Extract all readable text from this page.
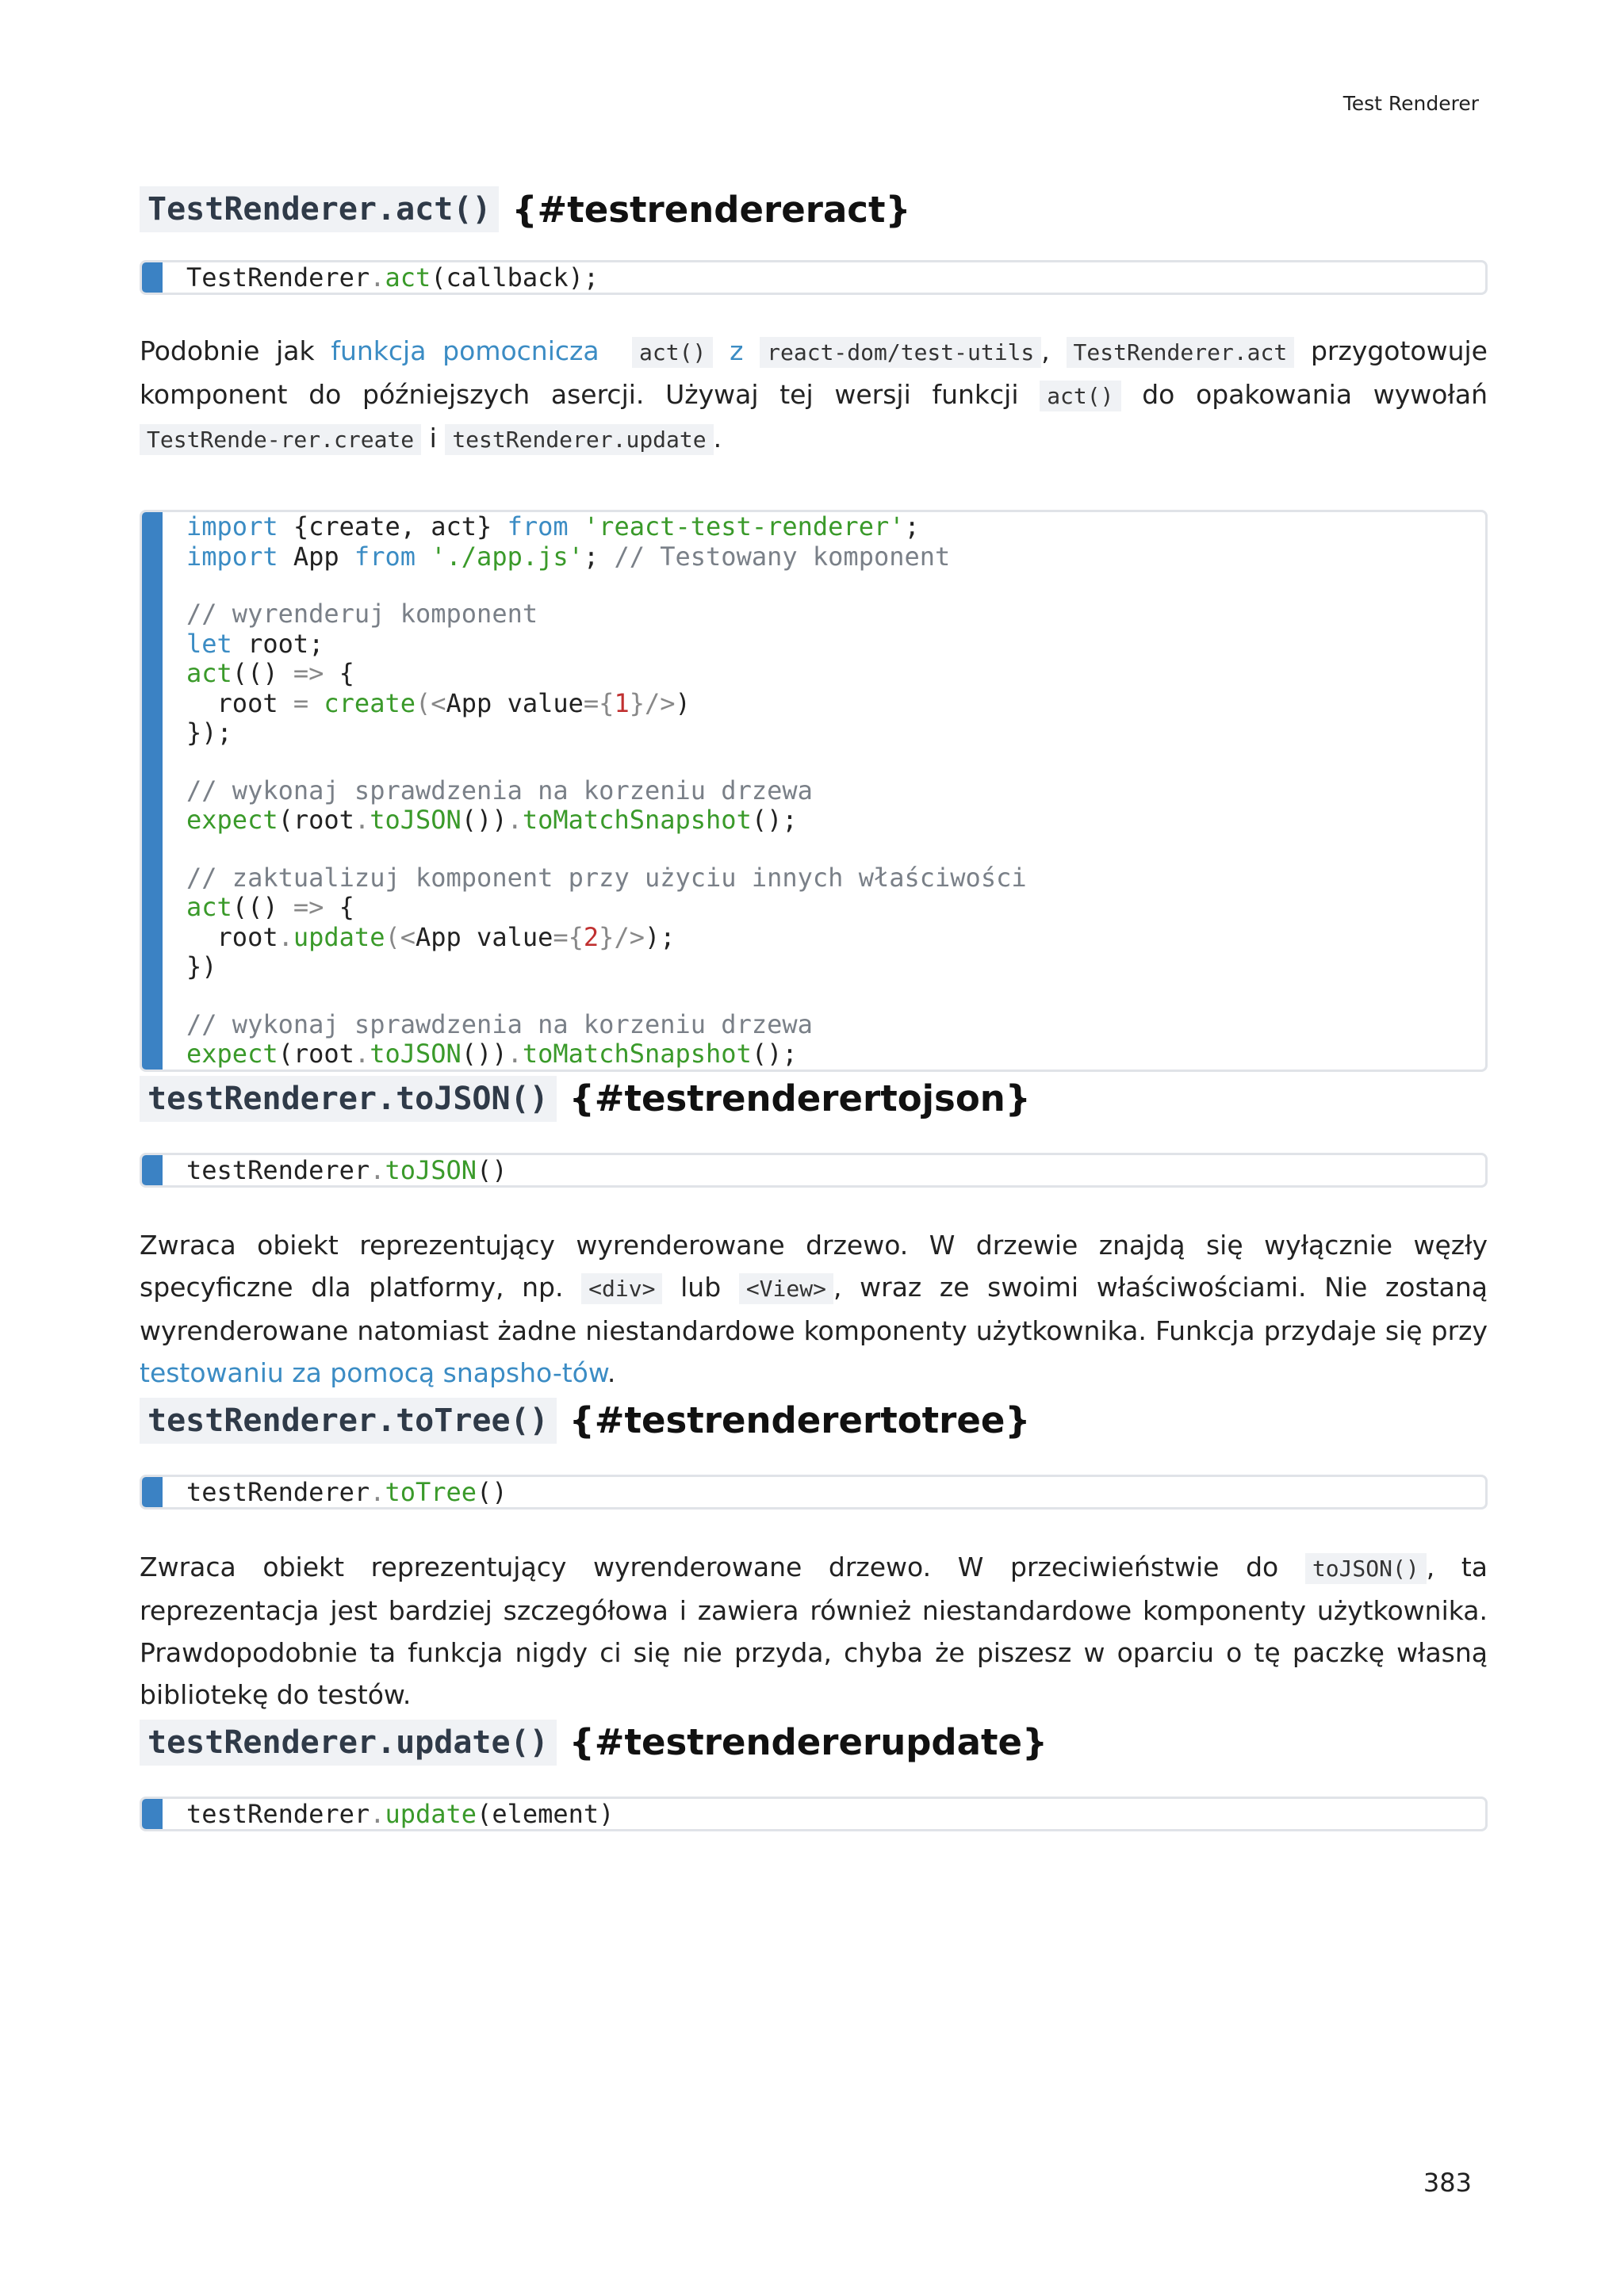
Test Renderer
TestRenderer.act() {#testrendereract}
TestRenderer.act(callback);

Podobnie jak funkcja pomocnicza act() z react-dom/test-utils , TestRenderer.act przygotowuje komponent do późniejszych asercji. Używaj tej wersji funkcji act() do opakowania wywołań TestRende-rer.create i testRenderer.update .

import {create, act} from 'react-test-renderer';
import App from './app.js'; // Testowany komponent
// wyrenderuj komponent
let root;
act(() => {
root = create(<App value={1}/>)
});
// wykonaj sprawdzenia na korzeniu drzewa
expect(root.toJSON()).toMatchSnapshot();
// zaktualizuj komponent przy użyciu innych właściwości
act(() => {
root.update(<App value={2}/>);
})
// wykonaj sprawdzenia na korzeniu drzewa
expect(root.toJSON()).toMatchSnapshot();
testRenderer.toJSON() {#testrenderertojson}
testRenderer.toJSON()

Zwraca obiekt reprezentujący wyrenderowane drzewo. W drzewie znajdą się wyłącznie węzły specyficzne dla platformy, np. <div> lub <View> , wraz ze swoimi właściwościami. Nie zostaną wyrenderowane natomiast żadne niestandardowe komponenty użytkownika. Funkcja przydaje się przy testowaniu za pomocą snapsho-tów.

testRenderer.toTree() {#testrenderertotree}
testRenderer.toTree()

Zwraca obiekt reprezentujący wyrenderowane drzewo. W przeciwieństwie do toJSON() , ta reprezentacja jest bardziej szczegółowa i zawiera również niestandardowe komponenty użytkownika. Prawdopodobnie ta funkcja nigdy ci się nie przyda, chyba że piszesz w oparciu o tę paczkę własną bibliotekę do testów.

testRenderer.update() {#testrendererupdate}
testRenderer.update(element)
383
